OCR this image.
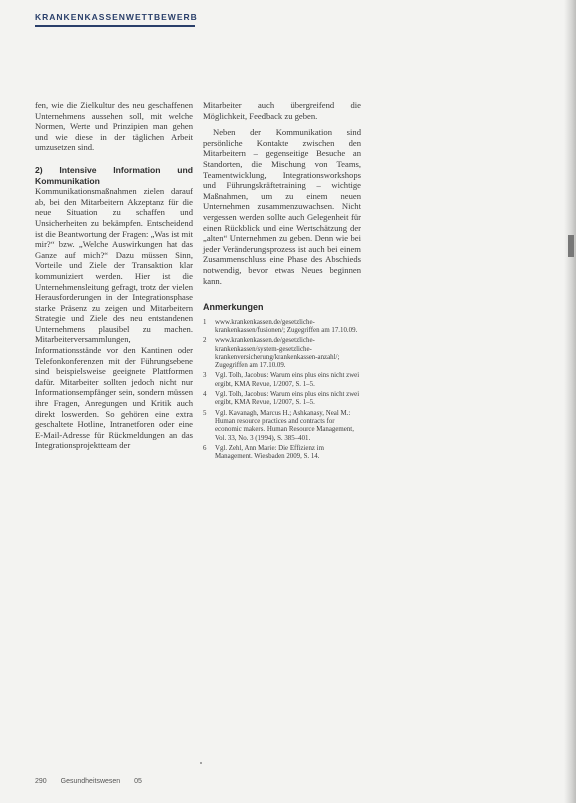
KRANKENKASSENWETTBEWERB

fen, wie die Zielkultur des neu geschaffenen Unternehmens aussehen soll, mit welche Normen, Werte und Prinzipien man gehen und wie diese in der täglichen Arbeit umzusetzen sind.

2) Intensive Information und Kommunikation

Kommunikationsmaßnahmen zielen darauf ab, bei den Mitarbeitern Akzeptanz für die neue Situation zu schaffen und Unsicherheiten zu bekämpfen. Entscheidend ist die Beantwortung der Fragen: „Was ist mit mir?“ bzw. „Welche Auswirkungen hat das Ganze auf mich?“ Dazu müssen Sinn, Vorteile und Ziele der Transaktion klar kommuniziert werden. Hier ist die Unternehmensleitung gefragt, trotz der vielen Herausforderungen in der Integrationsphase starke Präsenz zu zeigen und Mitarbeitern Strategie und Ziele des neu entstandenen Unternehmens plausibel zu machen. Mitarbeiterversammlungen, Informationsstände vor den Kantinen oder Telefonkonferenzen mit der Führungsebene sind beispielsweise geeignete Plattformen dafür. Mitarbeiter sollten jedoch nicht nur Informationsempfänger sein, sondern müssen ihre Fragen, Anregungen und Kritik auch direkt loswerden. So gehören eine extra geschaltete Hotline, Intranetforen oder eine E-Mail-Adresse für Rückmeldungen an das Integrationsprojektteam der

Mitarbeiter auch übergreifend die Möglichkeit, Feedback zu geben.

Neben der Kommunikation sind persönliche Kontakte zwischen den Mitarbeitern – gegenseitige Besuche an Standorten, die Mischung von Teams, Teamentwicklung, Integrationsworkshops und Führungskräftetraining – wichtige Maßnahmen, um zu einem neuen Unternehmen zusammenzuwachsen. Nicht vergessen werden sollte auch Gelegenheit für einen Rückblick und eine Wertschätzung der „alten“ Unternehmen zu geben. Denn wie bei jeder Veränderungsprozess ist auch bei einem Zusammenschluss eine Phase des Abschieds notwendig, bevor etwas Neues beginnen kann.

Anmerkungen
1 www.krankenkassen.de/gesetzliche-krankenkassen/fusionen/; Zugegriffen am 17.10.09.
2 www.krankenkassen.de/gesetzliche-krankenkassen/system-gesetzliche-krankenversicherung/krankenkassen-anzahl/; Zugegriffen am 17.10.09.
3 Vgl. Tolh, Jacobus: Warum eins plus eins nicht zwei ergibt, KMA Revue, 1/2007, S. 1–5.
4 Vgl. Tolh, Jacobus: Warum eins plus eins nicht zwei ergibt, KMA Revue, 1/2007, S. 1–5.
5 Vgl. Kavanagh, Marcus H.; Ashkanasy, Neal M.: Human resource practices and contracts for economic makers. Human Resource Management, Vol. 33, No. 3 (1994), S. 385–401.
6 Vgl. Zehl, Ann Marie: Die Effizienz im Management. Wiesbaden 2009, S. 14.
290 Gesundheitswesen 05
